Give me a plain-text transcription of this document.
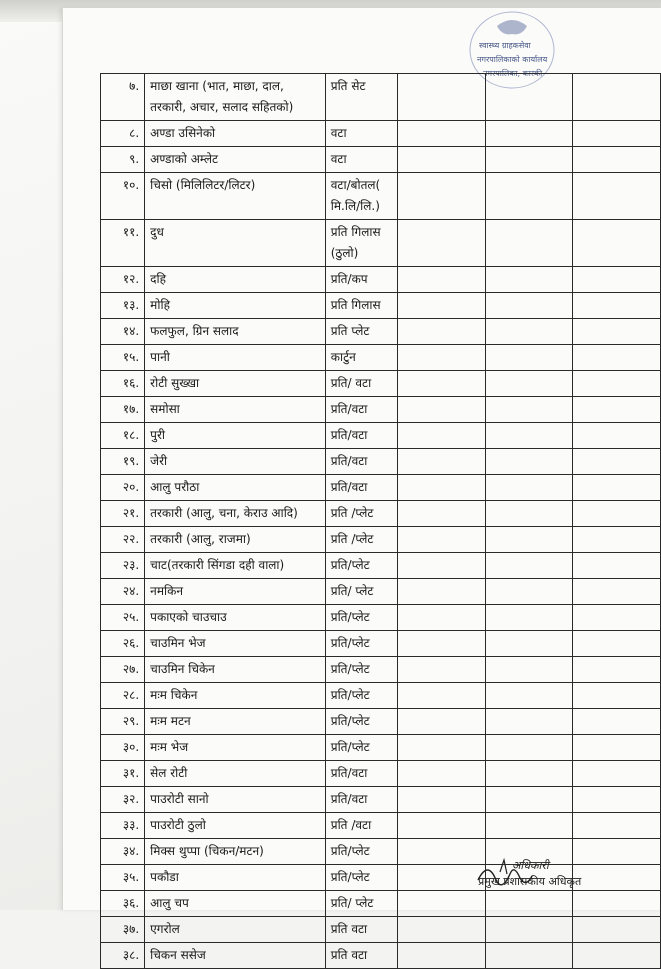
स्वास्थ्य ग्राहकसेवा
नगरपालिकाको कार्यालय
नगरपालिका, कास्की
७.	माछा खाना (भात, माछा, दाल, तरकारी, अचार, सलाद सहितको)	प्रति सेट			
८.	अण्डा उसिनेको	वटा			
९.	अण्डाको अम्लेट	वटा			
१०.	चिसो (मिलिलिटर/लिटर)	वटा/बोतल( मि.लि/लि.)			
११.	दुध	प्रति गिलास (ठुलो)			
१२.	दहि	प्रति/कप			
१३.	मोहि	प्रति गिलास			
१४.	फलफुल, ग्रिन सलाद	प्रति प्लेट			
१५.	पानी	कार्टुन			
१६.	रोटी सुख्खा	प्रति/ वटा			
१७.	समोसा	प्रति/वटा			
१८.	पुरी	प्रति/वटा			
१९.	जेरी	प्रति/वटा			
२०.	आलु परौठा	प्रति/वटा			
२१.	तरकारी (आलु, चना, केराउ आदि)	प्रति /प्लेट			
२२.	तरकारी (आलु, राजमा)	प्रति /प्लेट			
२३.	चाट(तरकारी सिंगडा दही वाला)	प्रति/प्लेट			
२४.	नमकिन	प्रति/ प्लेट			
२५.	पकाएको चाउचाउ	प्रति/प्लेट			
२६.	चाउमिन भेज	प्रति/प्लेट			
२७.	चाउमिन चिकेन	प्रति/प्लेट			
२८.	मःम चिकेन	प्रति/प्लेट			
२९.	मःम मटन	प्रति/प्लेट			
३०.	मःम भेज	प्रति/प्लेट			
३१.	सेल रोटी	प्रति/वटा			
३२.	पाउरोटी सानो	प्रति/वटा			
३३.	पाउरोटी ठुलो	प्रति /वटा			
३४.	मिक्स थुप्पा (चिकन/मटन)	प्रति/प्लेट			
३५.	पकौडा	प्रति/प्लेट			
३६.	आलु चप	प्रति/ प्लेट			
३७.	एगरोल	प्रति वटा			
३८.	चिकन ससेज	प्रति वटा			
अधिकारी
प्रमुख प्रशासकीय अधिकृत
